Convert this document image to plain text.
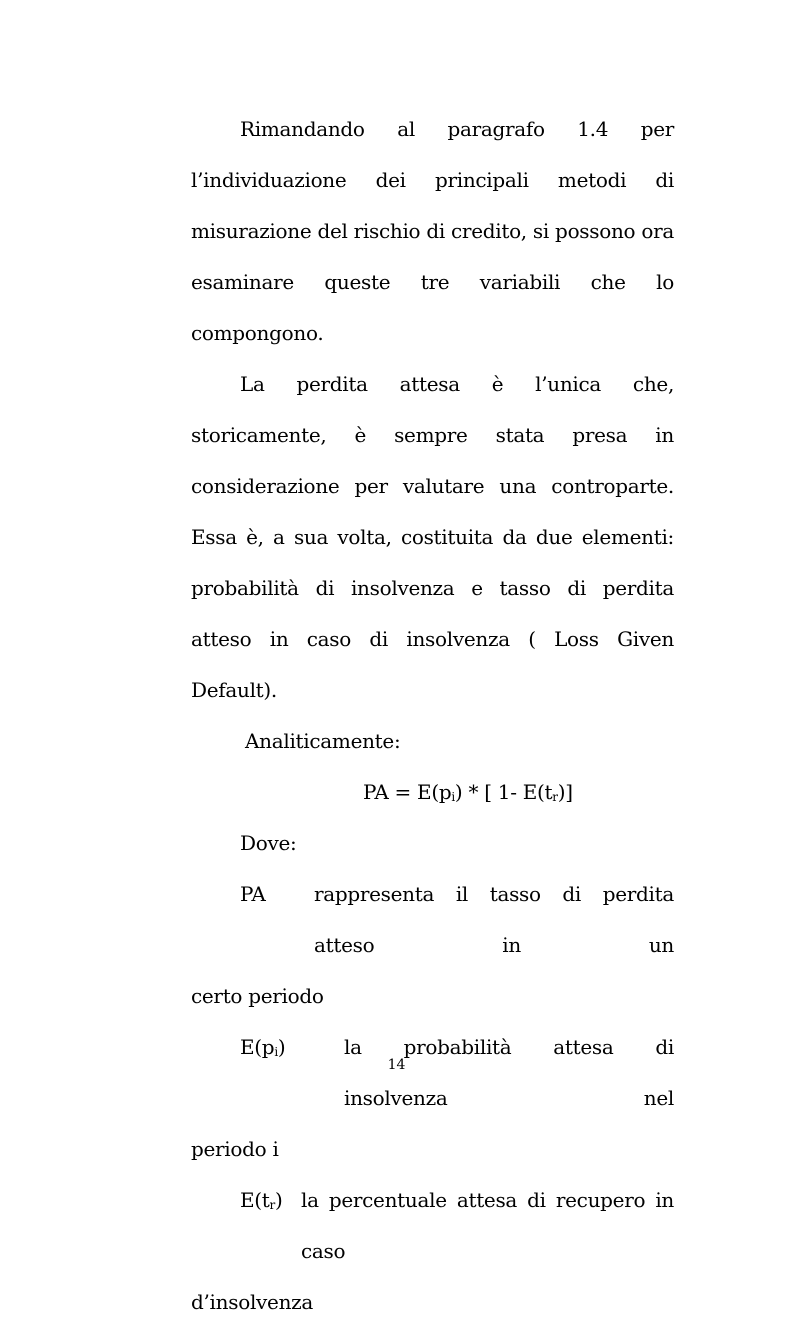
Rimandando al paragrafo 1.4 per l’individuazione dei principali metodi di misurazione del rischio di credito, si possono ora esaminare queste tre variabili che lo compongono.

La perdita attesa è l’unica che, storicamente, è sempre stata presa in considerazione per valutare una controparte. Essa è, a sua volta, costituita da due elementi: probabilità di insolvenza e tasso di perdita atteso in caso di insolvenza ( Loss Given Default).

Analiticamente:

PA = $E(p_i)$ * [ 1- $E(t_r)$]

Dove:

PA	rappresenta il tasso di perdita atteso in un

certo periodo

$E(p_i)$	la probabilità attesa di insolvenza nel

periodo i

$E(t_r)$ la percentuale attesa di recupero in caso

d’insolvenza

14
